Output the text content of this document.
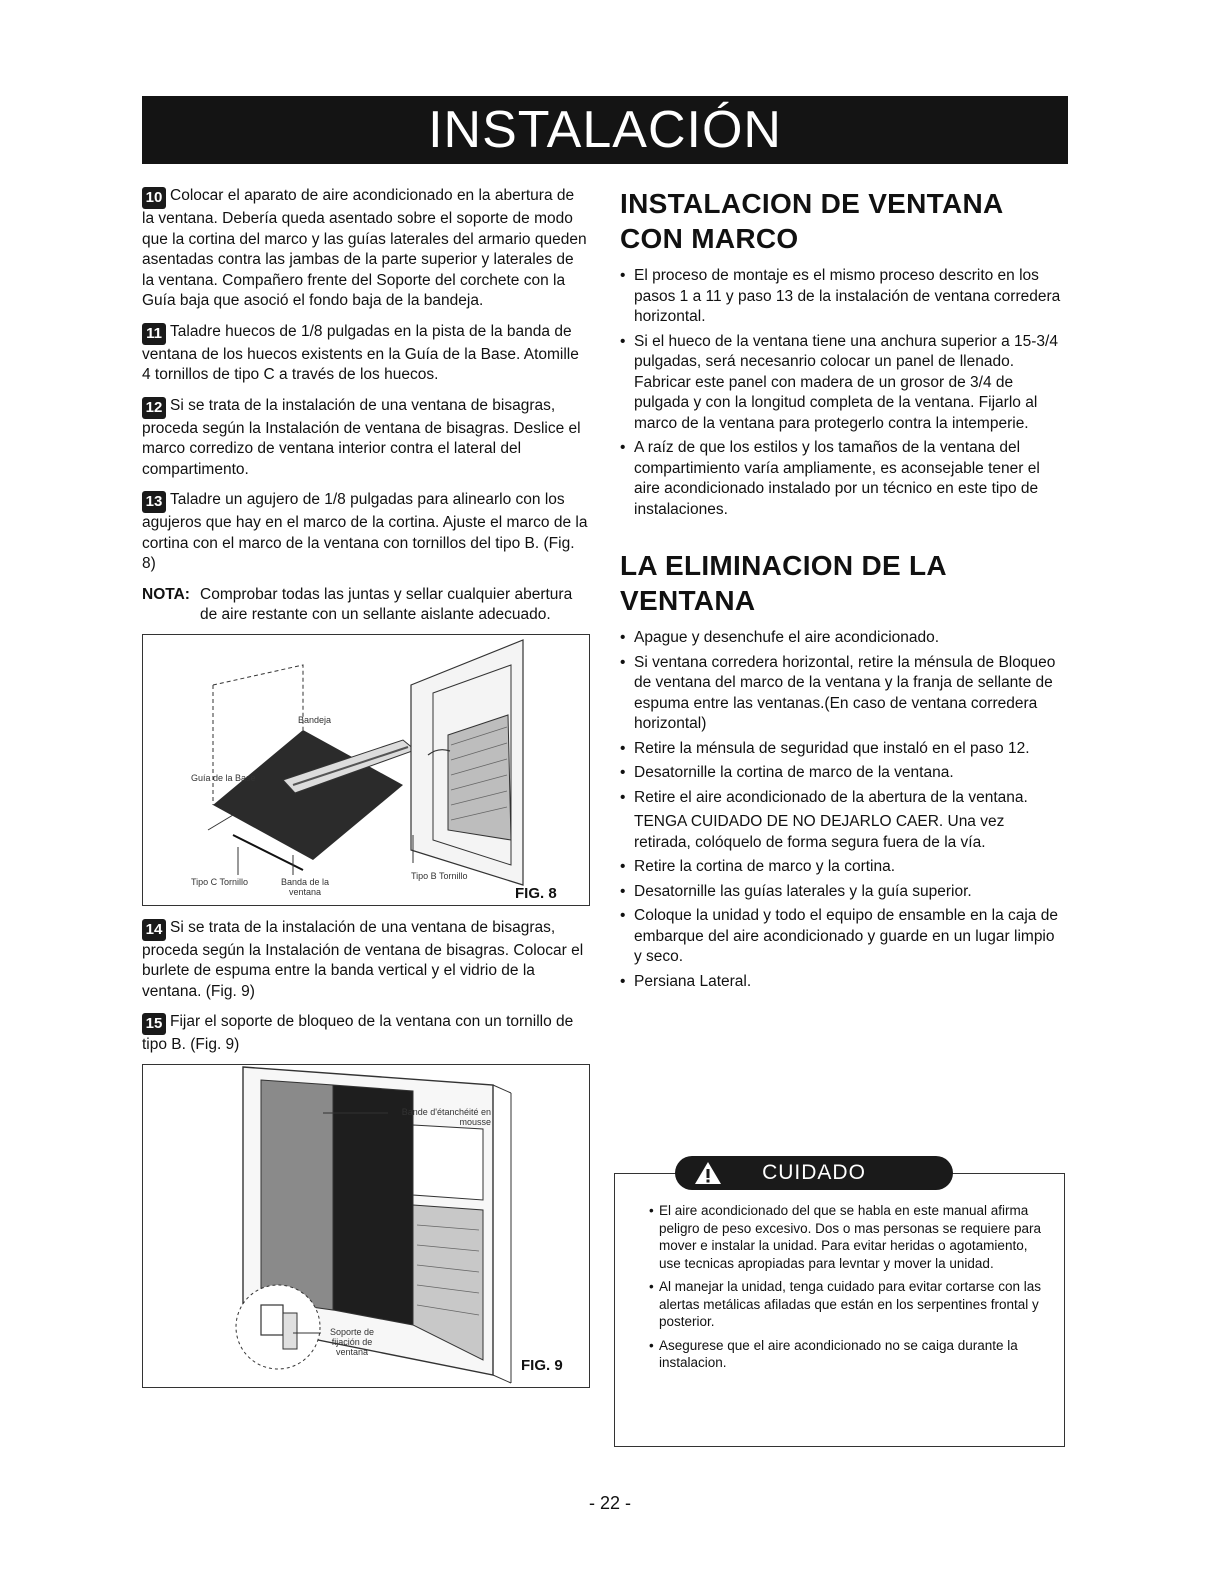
INSTALACIÓN

10 Colocar el aparato de aire acondicionado en la abertura de la ventana. Debería queda asentado sobre el soporte de modo que la cortina del marco y las guías laterales del armario queden asentadas contra las jambas de la parte superior y laterales de la ventana. Compañero frente del Soporte del corchete con la Guía baja que asoció el fondo baja de la bandeja.

11 Taladre huecos de 1/8 pulgadas en la pista de la banda de ventana de los huecos existents en la Guía de la Base. Atomille 4 tornillos de tipo C a través de los huecos.

12 Si se trata de la instalación de una ventana de bisagras, proceda según la Instalación de ventana de bisagras. Deslice el marco corredizo de ventana interior contra el lateral del compartimento.

13 Taladre un agujero de 1/8 pulgadas para alinearlo con los agujeros que hay en el marco de la cortina. Ajuste el marco de la cortina con el marco de la ventana con tornillos del tipo B. (Fig. 8)

NOTA: Comprobar todas las juntas y sellar cualquier abertura de aire restante con un sellante aislante adecuado.
Bandeja
Guía de la Base
Tipo C Tornillo	Banda de la ventana
Tipo B Tornillo
FIG. 8

14 Si se trata de la instalación de una ventana de bisagras, proceda según la Instalación de ventana de bisagras. Colocar el burlete de espuma entre la banda vertical y el vidrio de la ventana. (Fig. 9)

15 Fijar el soporte de bloqueo de la ventana con un tornillo de tipo B. (Fig. 9)

Bande d'étanchéité en mousse
Soporte de fijación de ventana
FIG. 9
INSTALACION DE VENTANA CON MARCO
• El proceso de montaje es el mismo proceso descrito en los pasos 1 a 11 y paso 13 de la instalación de ventana corredera horizontal.
• Si el hueco de la ventana tiene una anchura superior a 15-3/4 pulgadas, será necesanrio colocar un panel de llenado. Fabricar este panel con madera de un grosor de 3/4 de pulgada y con la longitud completa de la ventana. Fijarlo al marco de la ventana para protegerlo contra la intemperie.
• A raíz de que los estilos y los tamaños de la ventana del compartimiento varía ampliamente, es aconsejable tener el aire acondicionado instalado por un técnico en este tipo de instalaciones.
LA ELIMINACION DE LA VENTANA
• Apague y desenchufe el aire acondicionado.
• Si ventana corredera horizontal, retire la ménsula de Bloqueo de ventana del marco de la ventana y la franja de sellante de espuma entre las ventanas.(En caso de ventana corredera horizontal)
• Retire la ménsula de seguridad que instaló en el paso 12.
• Desatornille la cortina de marco de la ventana.
• Retire el aire acondicionado de la abertura de la ventana.
TENGA CUIDADO DE NO DEJARLO CAER. Una vez retirada, colóquelo de forma segura fuera de la vía.
• Retire la cortina de marco y la cortina.
• Desatornille las guías laterales y la guía superior.
• Coloque la unidad y todo el equipo de ensamble en la caja de embarque del aire acondicionado y guarde en un lugar limpio y seco.
• Persiana Lateral.
CUIDADO
• El aire acondicionado del que se habla en este manual afirma peligro de peso excesivo. Dos o mas personas se requiere para mover e instalar la unidad. Para evitar heridas o agotamiento, use tecnicas apropiadas para levntar y mover la unidad.
• Al manejar la unidad, tenga cuidado para evitar cortarse con las alertas metálicas afiladas que están en los serpentines frontal y posterior.
• Asegurese que el aire acondicionado no se caiga durante la instalacion.
- 22 -
